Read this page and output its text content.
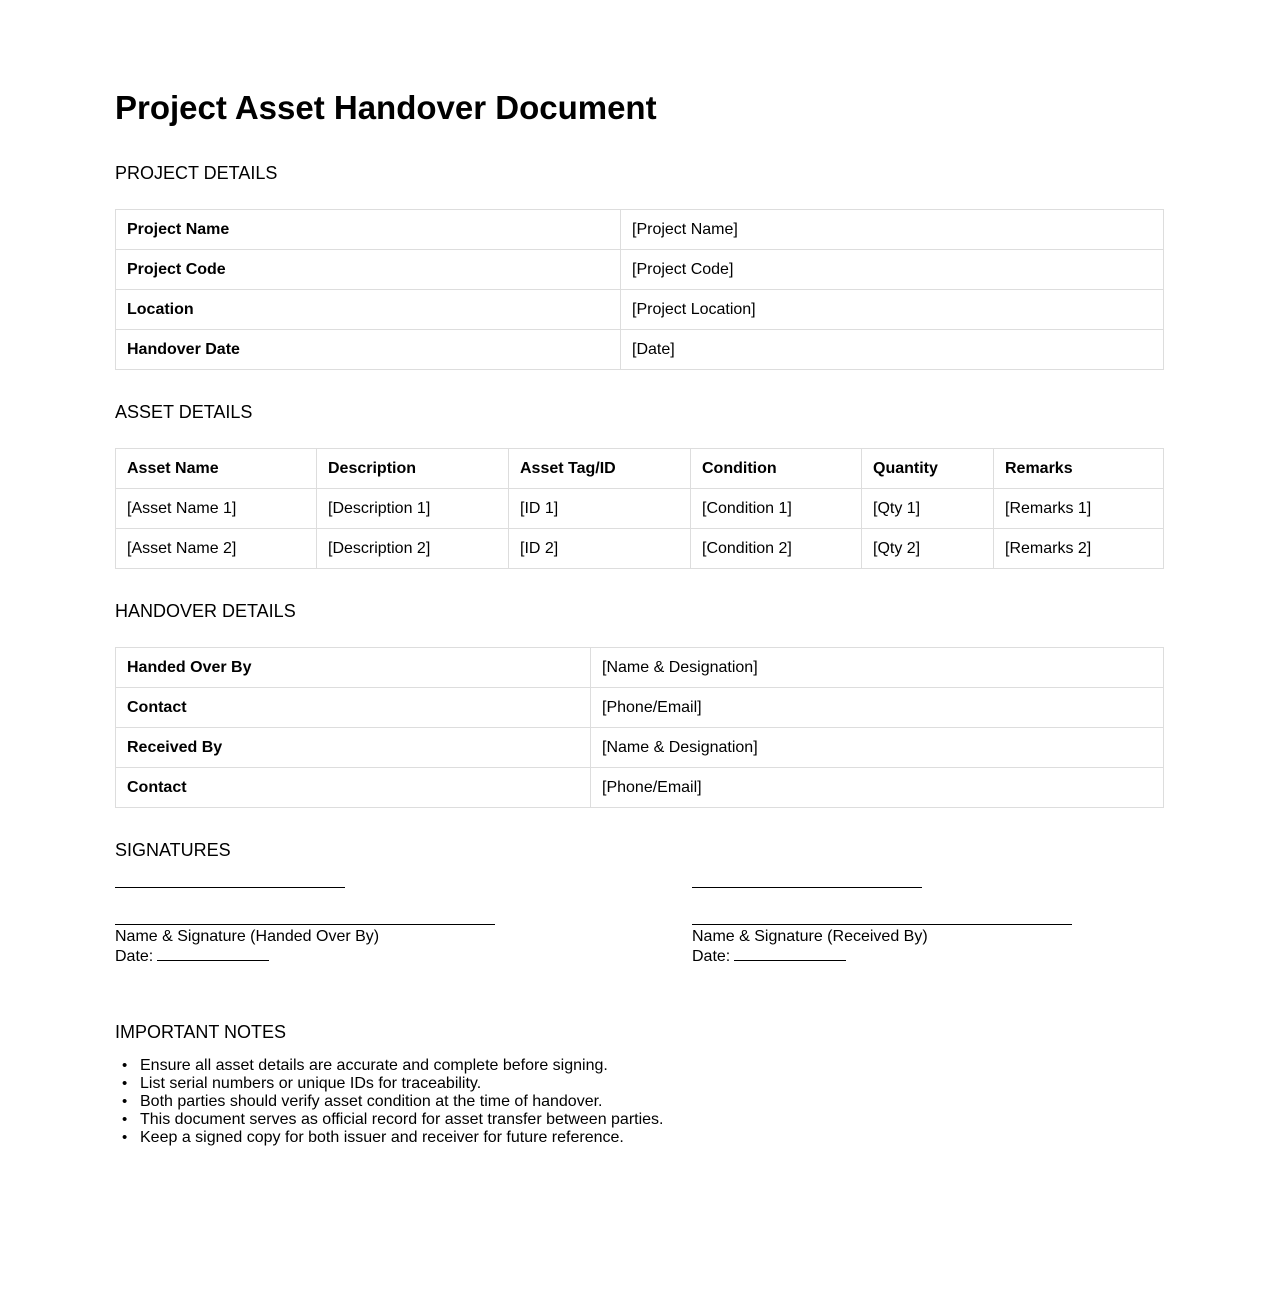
Project Asset Handover Document
PROJECT DETAILS
Project Name	[Project Name]
Project Code	[Project Code]
Location	[Project Location]
Handover Date	[Date]
ASSET DETAILS
Asset Name	Description	Asset Tag/ID	Condition	Quantity	Remarks
[Asset Name 1]	[Description 1]	[ID 1]	[Condition 1]	[Qty 1]	[Remarks 1]
[Asset Name 2]	[Description 2]	[ID 2]	[Condition 2]	[Qty 2]	[Remarks 2]
HANDOVER DETAILS
Handed Over By	[Name & Designation]
Contact	[Phone/Email]
Received By	[Name & Designation]
Contact	[Phone/Email]
SIGNATURES
Name & Signature (Handed Over By)
Date:
Name & Signature (Received By)
Date:
IMPORTANT NOTES
• Ensure all asset details are accurate and complete before signing.
• List serial numbers or unique IDs for traceability.
• Both parties should verify asset condition at the time of handover.
• This document serves as official record for asset transfer between parties.
• Keep a signed copy for both issuer and receiver for future reference.
